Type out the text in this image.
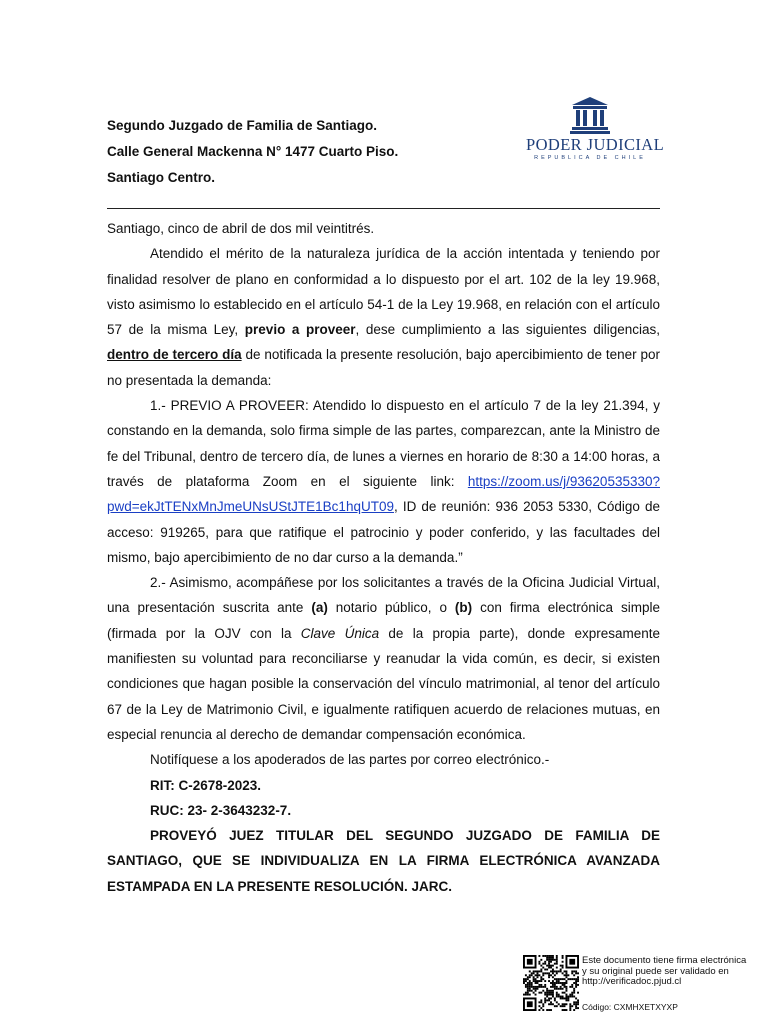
Segundo Juzgado de Familia de Santiago.
Calle General Mackenna N° 1477 Cuarto Piso.
Santiago Centro.
PODER JUDICIAL
REPUBLICA DE CHILE

Santiago, cinco de abril de dos mil veintitrés.

Atendido el mérito de la naturaleza jurídica de la acción intentada y teniendo por finalidad resolver de plano en conformidad a lo dispuesto por el art. 102 de la ley 19.968, visto asimismo lo establecido en el artículo 54-1 de la Ley 19.968, en relación con el artículo 57 de la misma Ley, previo a proveer, dese cumplimiento a las siguientes diligencias, dentro de tercero día de notificada la presente resolución, bajo apercibimiento de tener por no presentada la demanda:

1.- PREVIO A PROVEER: Atendido lo dispuesto en el artículo 7 de la ley 21.394, y constando en la demanda, solo firma simple de las partes, comparezcan, ante la Ministro de fe del Tribunal, dentro de tercero día, de lunes a viernes en horario de 8:30 a 14:00 horas, a través de plataforma Zoom en el siguiente link: https://zoom.us/j/93620535330?pwd=ekJtTENxMnJmeUNsUStJTE1Bc1hqUT09, ID de reunión: 936 2053 5330, Código de acceso: 919265, para que ratifique el patrocinio y poder conferido, y las facultades del mismo, bajo apercibimiento de no dar curso a la demanda.”

2.- Asimismo, acompáñese por los solicitantes a través de la Oficina Judicial Virtual, una presentación suscrita ante (a) notario público, o (b) con firma electrónica simple (firmada por la OJV con la Clave Única de la propia parte), donde expresamente manifiesten su voluntad para reconciliarse y reanudar la vida común, es decir, si existen condiciones que hagan posible la conservación del vínculo matrimonial, al tenor del artículo 67 de la Ley de Matrimonio Civil, e igualmente ratifiquen acuerdo de relaciones mutuas, en especial renuncia al derecho de demandar compensación económica.

Notifíquese a los apoderados de las partes por correo electrónico.-

RIT: C-2678-2023.

RUC: 23- 2-3643232-7.

PROVEYÓ JUEZ TITULAR DEL SEGUNDO JUZGADO DE FAMILIA DE SANTIAGO, QUE SE INDIVIDUALIZA EN LA FIRMA ELECTRÓNICA AVANZADA ESTAMPADA EN LA PRESENTE RESOLUCIÓN. JARC.

Este documento tiene firma electrónica
y su original puede ser validado en
http://verificadoc.pjud.cl
Código: CXMHXETXYXP
